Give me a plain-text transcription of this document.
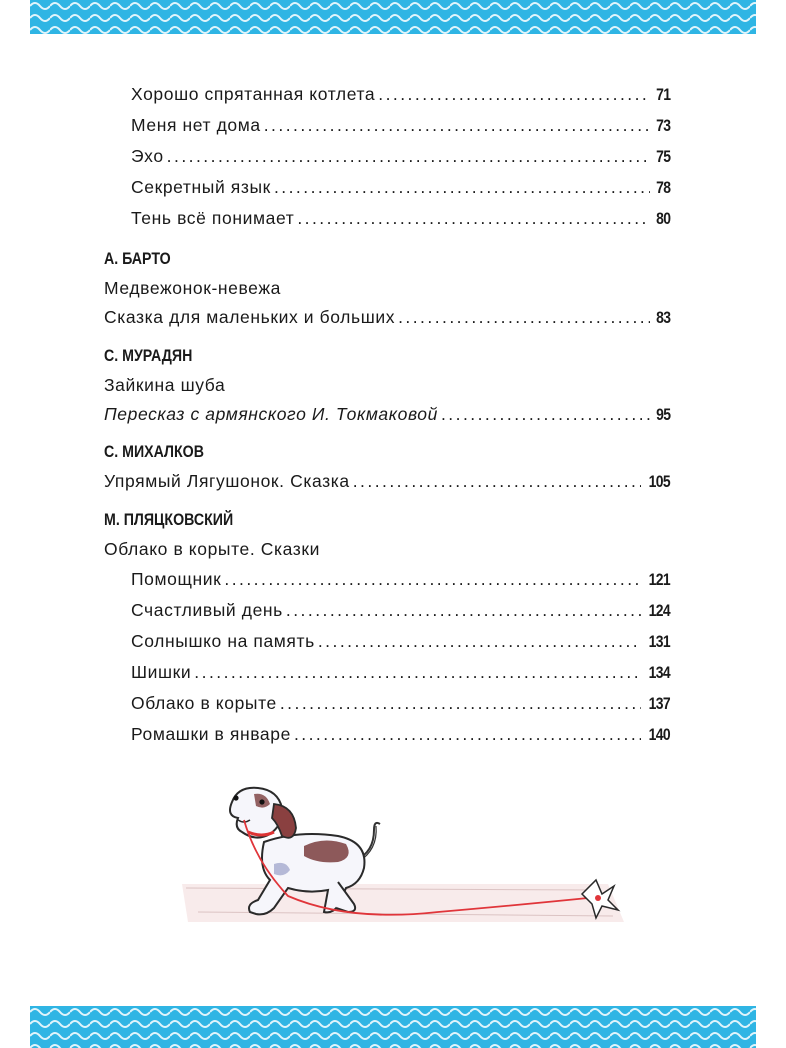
Хорошо спрятанная котлета . . .	71
Меня нет дома . . .	73
Эхо . . .	75
Секретный язык . . .	78
Тень всё понимает . . .	80
А. БАРТО
Медвежонок-невежа
Сказка для маленьких и больших . . .	83
С. МУРАДЯН
Зайкина шуба
Пересказ с армянского И. Токмаковой . . .	95
С. МИХАЛКОВ
Упрямый Лягушонок. Сказка . . .	105
М. ПЛЯЦКОВСКИЙ
Облако в корыте. Сказки
Помощник . . .	121
Счастливый день . . .	124
Солнышко на память . . .	131
Шишки . . .	134
Облако в корыте . . .	137
Ромашки в январе . . .	140
